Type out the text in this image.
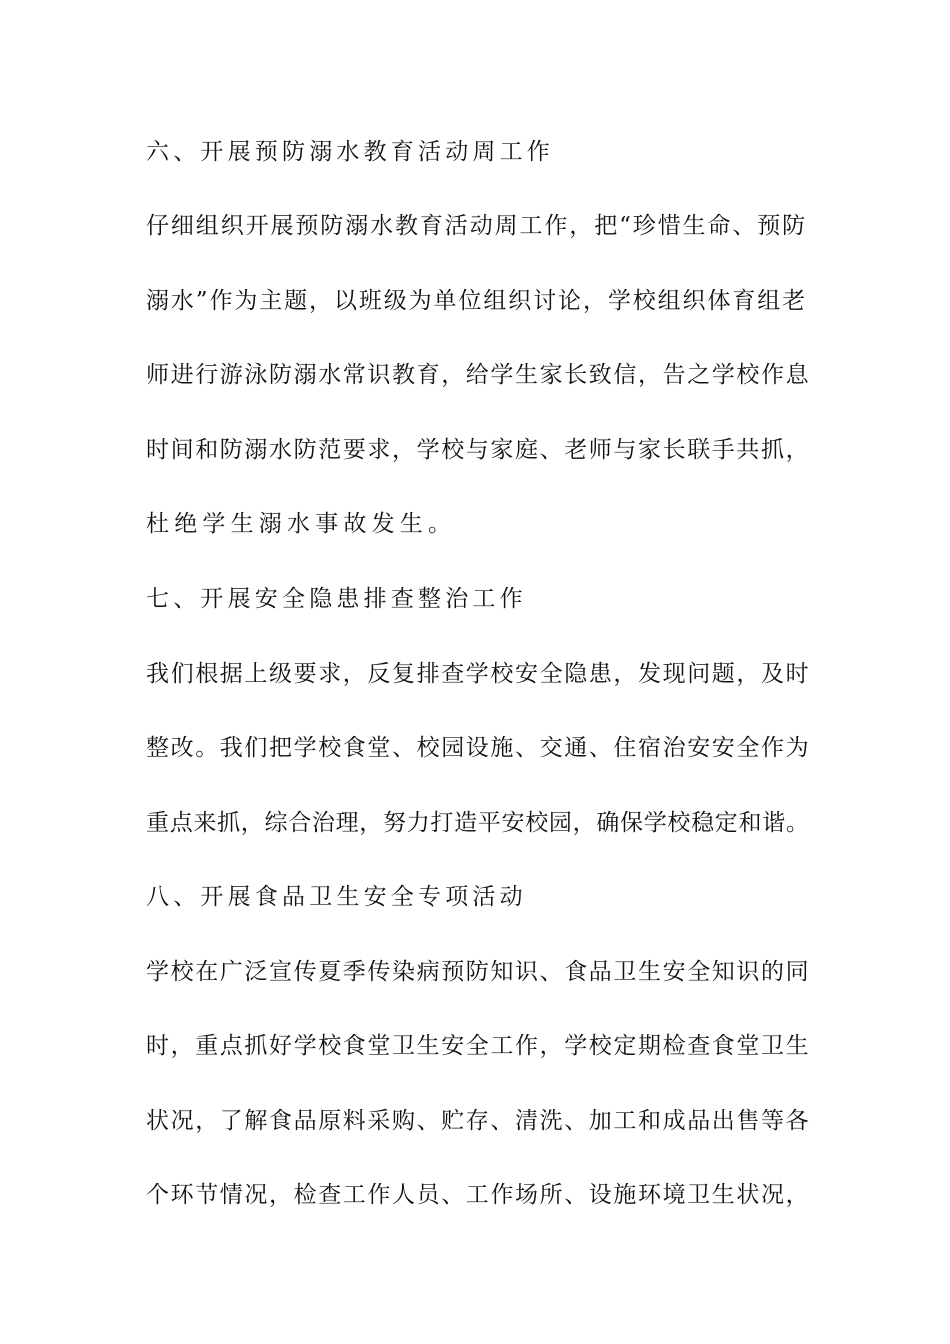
六、开展预防溺水教育活动周工作
仔细组织开展预防溺水教育活动周工作，把“珍惜生命、预防
溺水”作为主题，以班级为单位组织讨论，学校组织体育组老
师进行游泳防溺水常识教育，给学生家长致信，告之学校作息
时间和防溺水防范要求，学校与家庭、老师与家长联手共抓，
杜绝学生溺水事故发生。
七、开展安全隐患排查整治工作
我们根据上级要求，反复排查学校安全隐患，发现问题，及时
整改。我们把学校食堂、校园设施、交通、住宿治安安全作为
重点来抓，综合治理，努力打造平安校园，确保学校稳定和谐。
八、开展食品卫生安全专项活动
学校在广泛宣传夏季传染病预防知识、食品卫生安全知识的同
时，重点抓好学校食堂卫生安全工作，学校定期检查食堂卫生
状况，了解食品原料采购、贮存、清洗、加工和成品出售等各
个环节情况，检查工作人员、工作场所、设施环境卫生状况，
